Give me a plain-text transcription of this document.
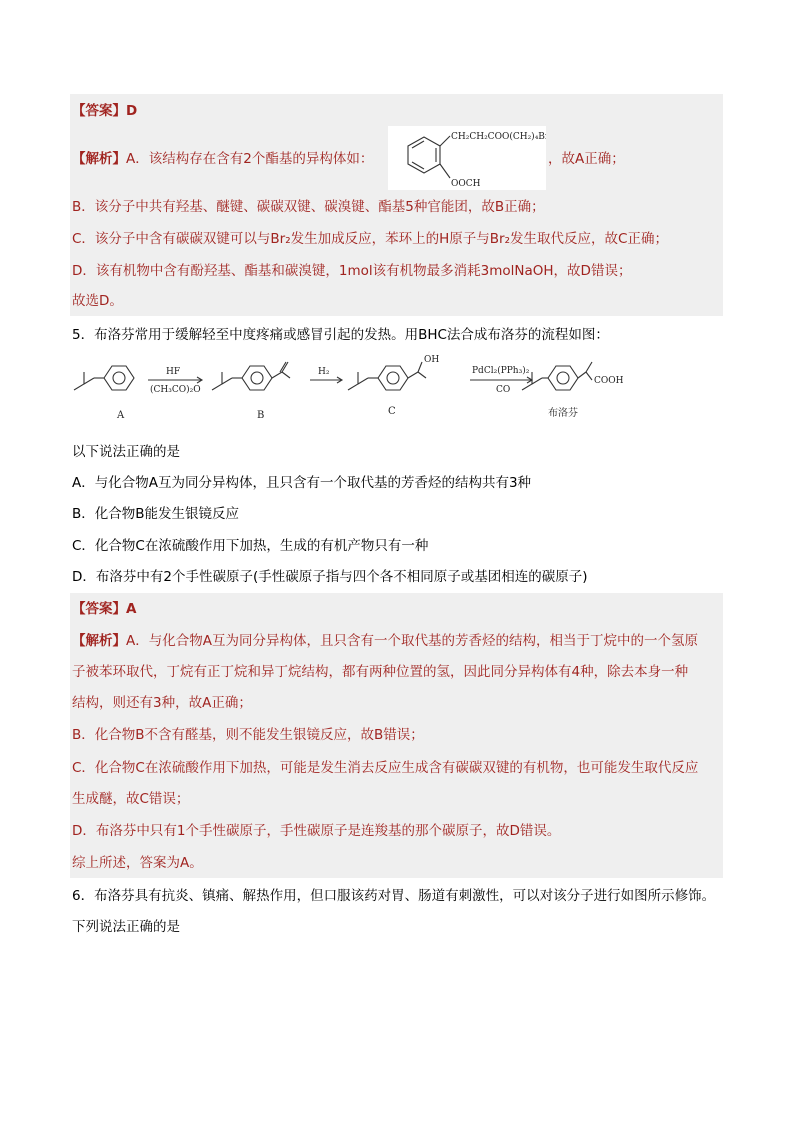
【答案】D
【解析】A．该结构存在含有2个酯基的异构体如：
CH₂CH₂COO(CH₂)₄Br
OOCH
，故A正确；
B．该分子中共有羟基、醚键、碳碳双键、碳溴键、酯基5种官能团，故B正确；
C．该分子中含有碳碳双键可以与Br₂发生加成反应，苯环上的H原子与Br₂发生取代反应，故C正确；
D．该有机物中含有酚羟基、酯基和碳溴键，1mol该有机物最多消耗3molNaOH，故D错误；
故选D。
5．布洛芬常用于缓解轻至中度疼痛或感冒引起的发热。用BHC法合成布洛芬的流程如图：
A	B	C	布洛芬
HF
(CH₃CO)₂O
H₂	PdCl₂(PPh₃)₂
CO
OH
COOH
以下说法正确的是
A．与化合物A互为同分异构体，且只含有一个取代基的芳香烃的结构共有3种
B．化合物B能发生银镜反应
C．化合物C在浓硫酸作用下加热，生成的有机产物只有一种
D．布洛芬中有2个手性碳原子(手性碳原子指与四个各不相同原子或基团相连的碳原子)
【答案】A
【解析】A．与化合物A互为同分异构体，且只含有一个取代基的芳香烃的结构，相当于丁烷中的一个氢原
子被苯环取代，丁烷有正丁烷和异丁烷结构，都有两种位置的氢，因此同分异构体有4种，除去本身一种
结构，则还有3种，故A正确；
B．化合物B不含有醛基，则不能发生银镜反应，故B错误；
C．化合物C在浓硫酸作用下加热，可能是发生消去反应生成含有碳碳双键的有机物，也可能发生取代反应
生成醚，故C错误；
D．布洛芬中只有1个手性碳原子，手性碳原子是连羧基的那个碳原子，故D错误。
综上所述，答案为A。
6．布洛芬具有抗炎、镇痛、解热作用，但口服该药对胃、肠道有刺激性，可以对该分子进行如图所示修饰。
下列说法正确的是
